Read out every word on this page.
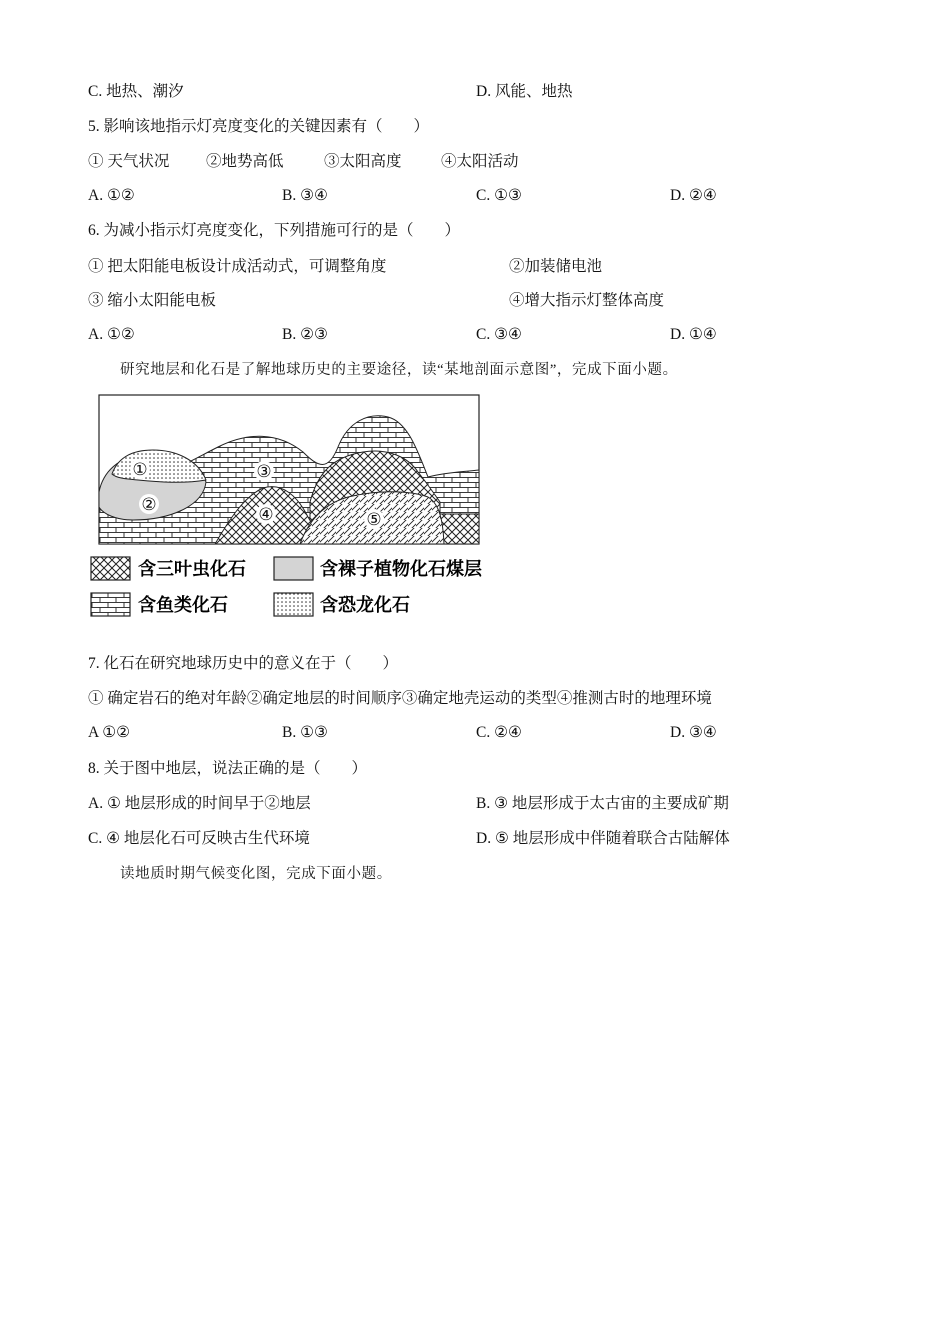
C. 地热、潮汐	D. 风能、地热
5. 影响该地指示灯亮度变化的关键因素有（　　）
① 天气状况 ②地势高低	③太阳高度	④太阳活动
A. ①②	B. ③④	C. ①③	D. ②④
6. 为减小指示灯亮度变化，下列措施可行的是（　　）
① 把太阳能电板设计成活动式，可调整角度	②加装储电池
③ 缩小太阳能电板	④增大指示灯整体高度
A. ①②	B. ②③	C. ③④	D. ①④
研究地层和化石是了解地球历史的主要途径，读“某地剖面示意图”，完成下面小题。
①
②
③
④	⑤
含三叶虫化石	含裸子植物化石煤层
含鱼类化石	含恐龙化石
7. 化石在研究地球历史中的意义在于（　　）
① 确定岩石的绝对年龄②确定地层的时间顺序③确定地壳运动的类型④推测古时的地理环境
A ①②	B. ①③	C. ②④	D. ③④
8. 关于图中地层，说法正确的是（　　）
A. ① 地层形成的时间早于②地层	B. ③ 地层形成于太古宙的主要成矿期
C. ④ 地层化石可反映古生代环境	D. ⑤ 地层形成中伴随着联合古陆解体
读地质时期气候变化图，完成下面小题。
